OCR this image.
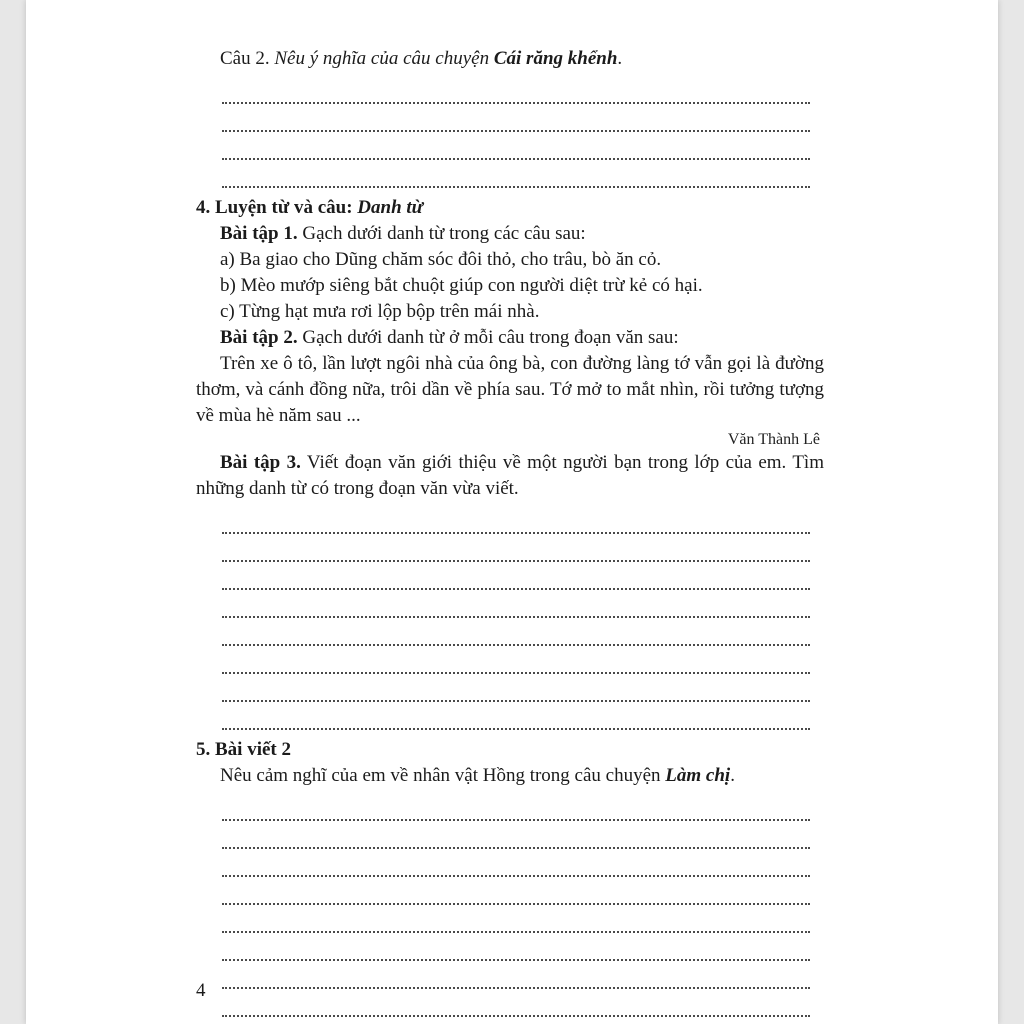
Câu 2. Nêu ý nghĩa của câu chuyện Cái răng khểnh.

4. Luyện từ và câu: Danh từ

Bài tập 1. Gạch dưới danh từ trong các câu sau:

a) Ba giao cho Dũng chăm sóc đôi thỏ, cho trâu, bò ăn cỏ.

b) Mèo mướp siêng bắt chuột giúp con người diệt trừ kẻ có hại.

c) Từng hạt mưa rơi lộp bộp trên mái nhà.

Bài tập 2. Gạch dưới danh từ ở mỗi câu trong đoạn văn sau:

Trên xe ô tô, lần lượt ngôi nhà của ông bà, con đường làng tớ vẫn gọi là đường thơm, và cánh đồng nữa, trôi dần về phía sau. Tớ mở to mắt nhìn, rồi tưởng tượng về mùa hè năm sau ...

Văn Thành Lê

Bài tập 3. Viết đoạn văn giới thiệu về một người bạn trong lớp của em. Tìm những danh từ có trong đoạn văn vừa viết.

5. Bài viết 2

Nêu cảm nghĩ của em về nhân vật Hồng trong câu chuyện Làm chị.

4
